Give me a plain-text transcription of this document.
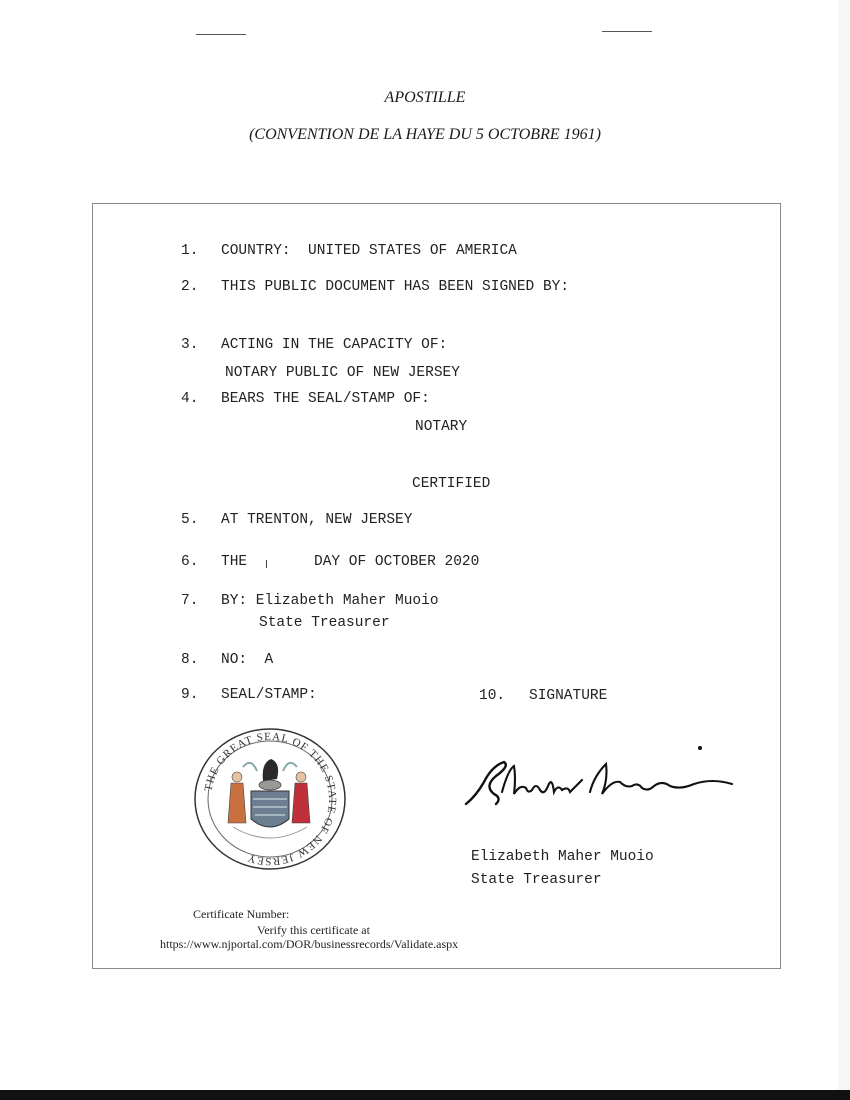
APOSTILLE
(CONVENTION DE LA HAYE DU 5 OCTOBRE 1961)
1. COUNTRY:  UNITED STATES OF AMERICA
2. THIS PUBLIC DOCUMENT HAS BEEN SIGNED BY:
3. ACTING IN THE CAPACITY OF:
NOTARY PUBLIC OF NEW JERSEY
4. BEARS THE SEAL/STAMP OF:
NOTARY
CERTIFIED
5. AT TRENTON, NEW JERSEY
6. THE	DAY OF OCTOBER 2020
7. BY: Elizabeth Maher Muoio
State Treasurer
8. NO:  A
9. SEAL/STAMP:	10. SIGNATURE
THE GREAT SEAL OF THE STATE OF NEW JERSEY	Elizabeth Maher Muoio
State Treasurer
Certificate Number:
Verify this certificate at
https://www.njportal.com/DOR/businessrecords/Validate.aspx
